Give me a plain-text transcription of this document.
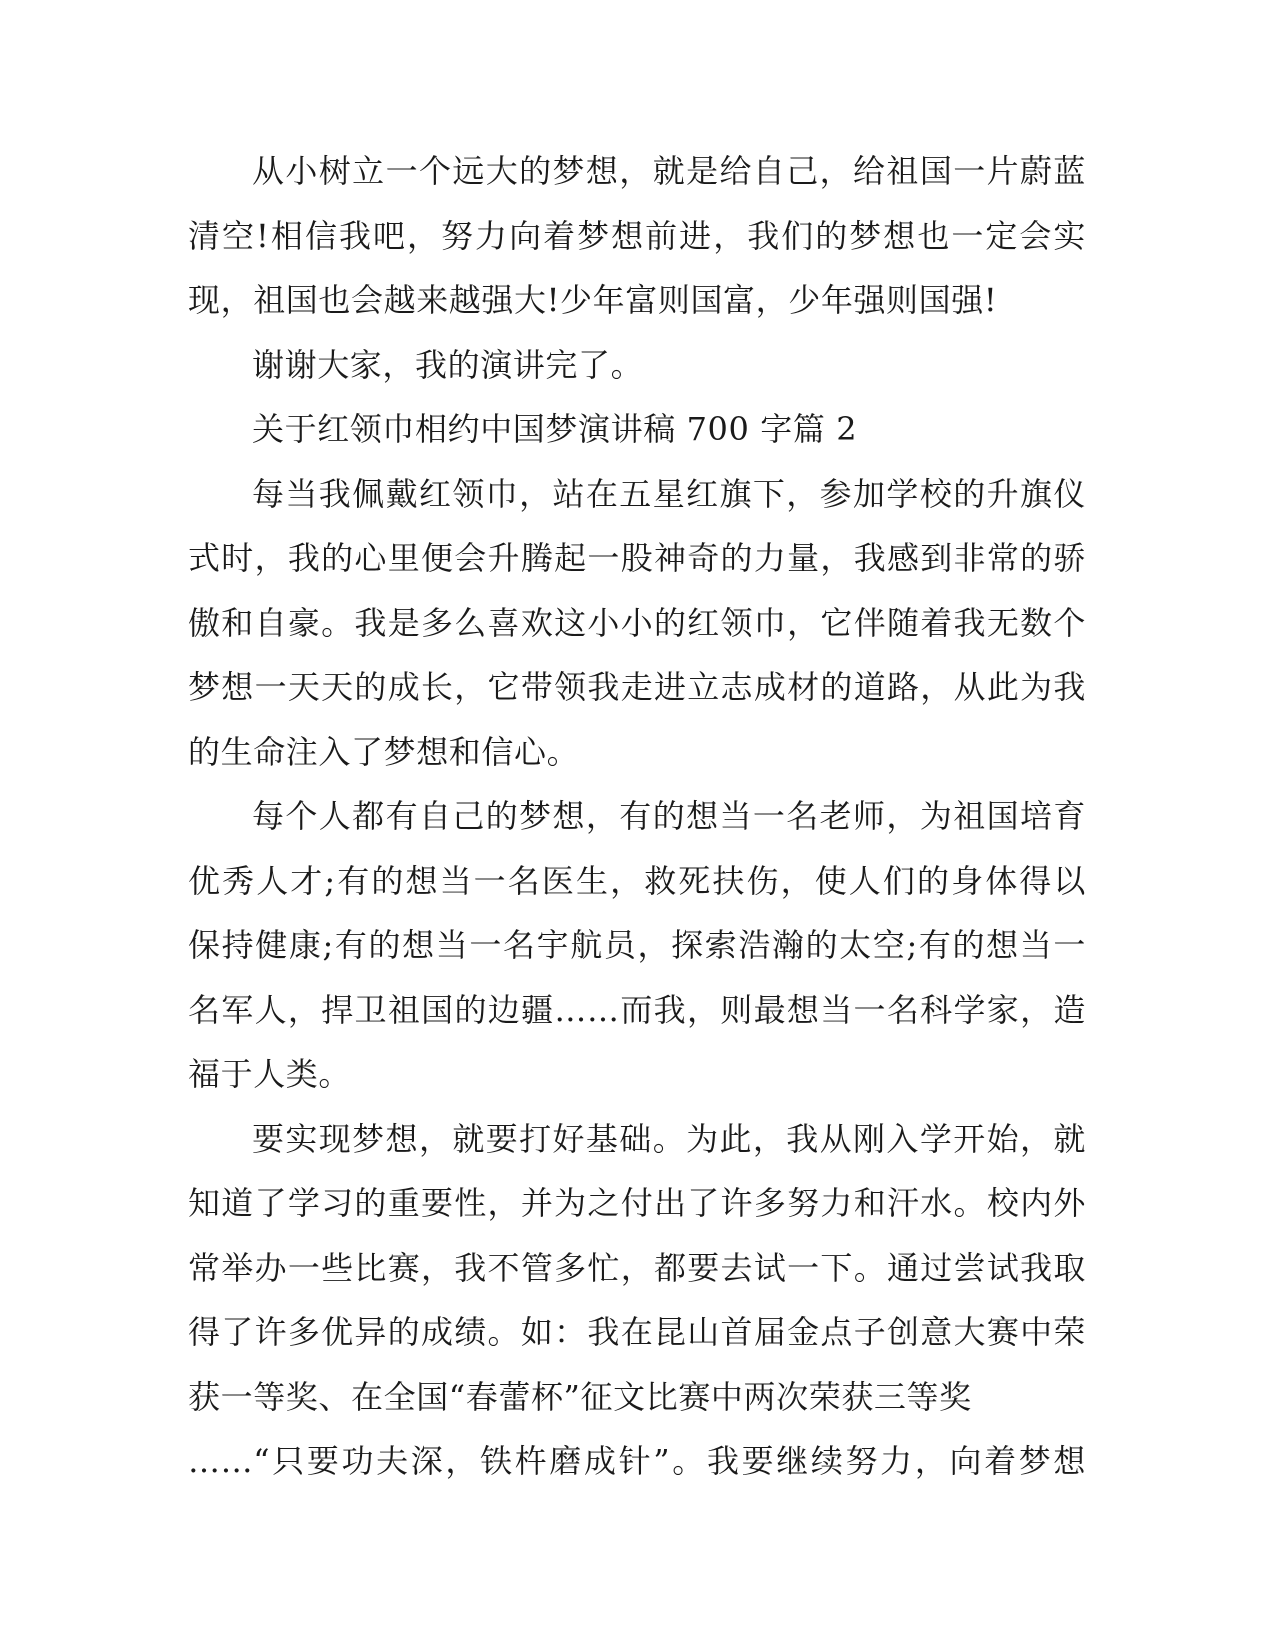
从小树立一个远大的梦想，就是给自己，给祖国一片蔚蓝
清空!相信我吧，努力向着梦想前进，我们的梦想也一定会实
现，祖国也会越来越强大!少年富则国富，少年强则国强!
谢谢大家，我的演讲完了。
关于红领巾相约中国梦演讲稿 700 字篇 2
每当我佩戴红领巾，站在五星红旗下，参加学校的升旗仪
式时，我的心里便会升腾起一股神奇的力量，我感到非常的骄
傲和自豪。我是多么喜欢这小小的红领巾，它伴随着我无数个
梦想一天天的成长，它带领我走进立志成材的道路，从此为我
的生命注入了梦想和信心。
每个人都有自己的梦想，有的想当一名老师，为祖国培育
优秀人才;有的想当一名医生，救死扶伤，使人们的身体得以
保持健康;有的想当一名宇航员，探索浩瀚的太空;有的想当一
名军人，捍卫祖国的边疆……而我，则最想当一名科学家，造
福于人类。
要实现梦想，就要打好基础。为此，我从刚入学开始，就
知道了学习的重要性，并为之付出了许多努力和汗水。校内外
常举办一些比赛，我不管多忙，都要去试一下。通过尝试我取
得了许多优异的成绩。如：我在昆山首届金点子创意大赛中荣
获一等奖、在全国“春蕾杯”征文比赛中两次荣获三等奖
……“只要功夫深，铁杵磨成针”。我要继续努力，向着梦想
